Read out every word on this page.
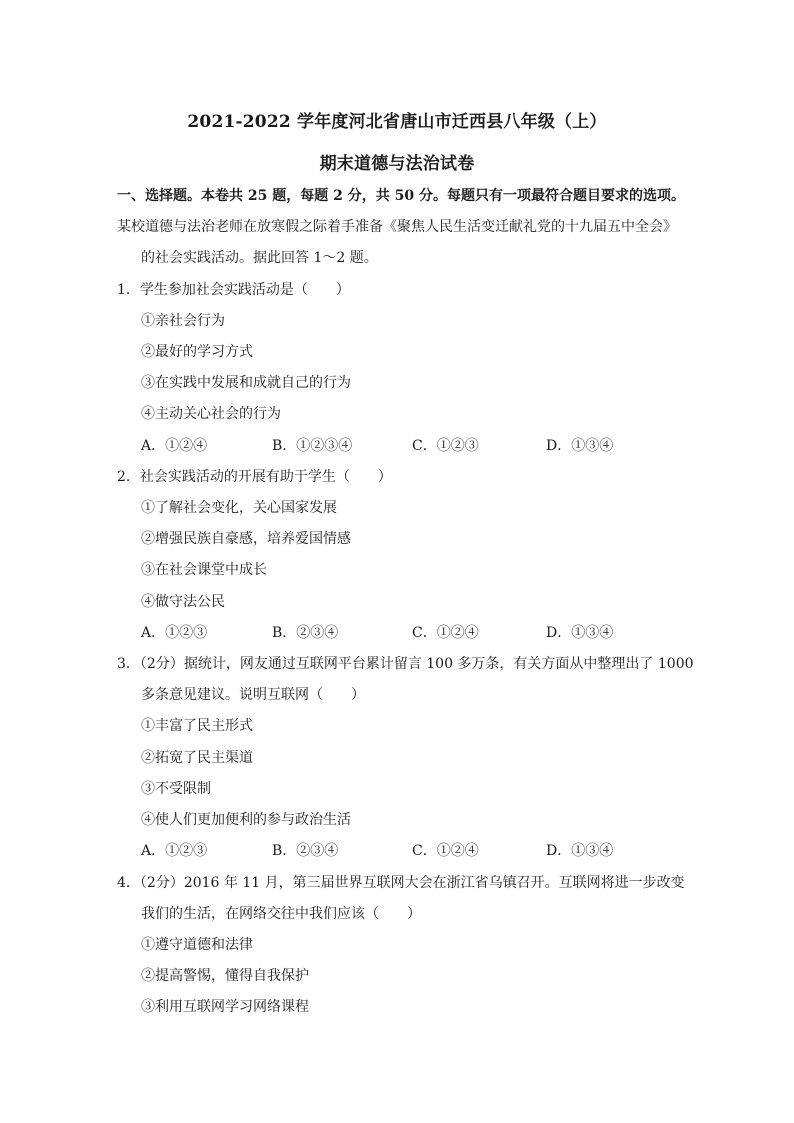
2021-2022 学年度河北省唐山市迁西县八年级（上）
期末道德与法治试卷
一、选择题。本卷共 25 题，每题 2 分，共 50 分。每题只有一项最符合题目要求的选项。
某校道德与法治老师在放寒假之际着手准备《聚焦人民生活变迁献礼党的十九届五中全会》
的社会实践活动。据此回答 1～2 题。
1．学生参加社会实践活动是（　　）
①亲社会行为
②最好的学习方式
③在实践中发展和成就自己的行为
④主动关心社会的行为
A．①②④	B．①②③④	C．①②③	D．①③④
2．社会实践活动的开展有助于学生（　　）
①了解社会变化，关心国家发展
②增强民族自豪感，培养爱国情感
③在社会课堂中成长
④做守法公民
A．①②③	B．②③④	C．①②④	D．①③④
3．（2分）据统计，网友通过互联网平台累计留言 100 多万条，有关方面从中整理出了 1000
多条意见建议。说明互联网（　　）
①丰富了民主形式
②拓宽了民主渠道
③不受限制
④使人们更加便利的参与政治生活
A．①②③	B．②③④	C．①②④	D．①③④
4．（2分）2016 年 11 月，第三届世界互联网大会在浙江省乌镇召开。互联网将进一步改变
我们的生活，在网络交往中我们应该（　　）
①遵守道德和法律
②提高警惕，懂得自我保护
③利用互联网学习网络课程
